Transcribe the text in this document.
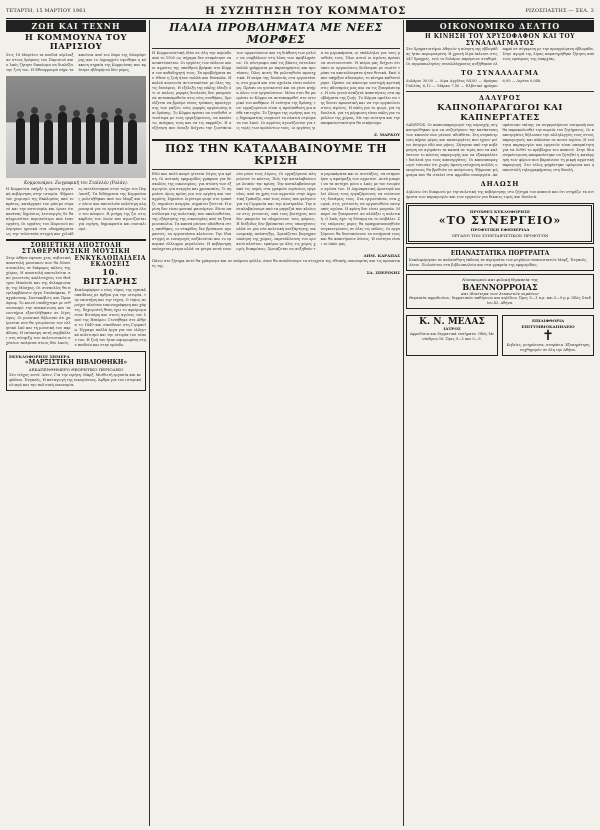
ΤΕΤΑΡΤΗ, 15 ΜΑΡΤΙΟΥ 1961	Η ΣΥΖΗΤΗΣΗ ΤΟΥ ΚΟΜΜΑΤΟΣ	ΡΙΖΟΣΠΑΣΤΗΣ — ΣΕΛ. 3
ΖΩΗ ΚΑΙ ΤΕΧΝΗ
Η ΚΟΜΜΟΥΝΑ ΤΟΥ ΠΑΡΙΣΙΟΥ
Στις 18 Μαρτίου τα παιδιά ούρλιαξαν στους δρόμους του Παρισιού και ο λαός ζήτησε δικαίωμα να διαλέξει την ζωή του. Η Εθνοφρουρά πήρε τα κανόνια από τον λόφο της Μονμάρτρης και το Δημαρχείο υψώθηκε η κόκκινη σημαία της Κομμούνας που κράτησε εβδομήντα δύο μέρες.
Κομμουνάροι: Ζωγραφική του Σταϊνλέν (Ρολάν).
Η Κομμούνα υπήρξε η πρώτη εργατική κυβέρνηση στην ιστορία. Ψήφισε τον χωρισμό της Εκκλησίας από το κράτος, κατάργησε τον μόνιμο στρατό και την αστυνομία και όρισε ότι κανένας δημόσιος λειτουργός δε θα πληρωνόταν περισσότερο από έναν εργάτη. Οι εργάτες του Παρισιού πολέμησαν ηρωικά στα οδοφράγματα ως την τελευταία στιγμή και χιλιάδες εκτελέστηκαν στον τοίχο του Περ Λασέζ. Τα διδάγματα της Κομμούνας μελετήθηκαν από τον Μαρξ και τον Λένιν και αποτελούν πολύτιμη κληρονομιά για το εργατικό κίνημα όλου του κόσμου. Η μνήμη της ζει στις καρδιές των λαών που αγωνίζονται για ειρήνη, δημοκρατία και σοσιαλισμό.
ΣΟΒΙΕΤΙΚΗ ΑΠΟΣΤΟΛΗ ΣΤΑΘΕΡΜΟΥΣΙΚΗ ΜΟΥΣΙΚΗ
Στην Αθήνα έφτασε χτες σοβιετική αποστολή μουσικών που θα δώσει συναυλίες σε διάφορες πόλεις της χώρας. Η αποστολή αποτελείται από γνωστούς καλλιτέχνες του Θεάτρου Μπολσόι και της Φιλαρμονικής της Μόσχας. Οι συναυλίες θα περιλαμβάνουν έργα Τσαϊκόφσκι, Ραχμάνινοφ, Σοστακόβιτς και Προκόφιεφ. Το κοινό υποδέχτηκε με ενθουσιασμό την ανακοίνωση και τα εισιτήρια εξαντλήθηκαν σε λίγες ώρες. Οι μουσικοί δήλωσαν ότι χαίρονται που θα γνωρίσουν τον ελληνικό λαό και τη μουσική του παράδοση. Η επίσκεψη αυτή συμβάλλει στη σύσφιξη των πολιτιστικών σχέσεων ανάμεσα στους δύο λαούς.
ΕΝΚΥΚΛΟΠΑΙΔΕΙΑ ΕΚΔΟΣΕΙΣ
10. ΒΙΤΣΑΡΗΣ
Κυκλοφόρησε ο νέος τόμος της εγκυκλοπαίδειας με άρθρα για την ιστορία, την επιστήμη και την τέχνη. Ο τόμος περιέχει πλούσια εικονογράφηση και χάρτες. Ξεχωριστή θέση έχει το αφιέρωμα στον Βιτσάρη και στους αγώνες του λαού της Ηπείρου. Γεννήθηκε στο Αθήνα το 1849 και σπούδασε στη Γερμανία. Έγραψε πολλά έργα για τον ελληνικό πολιτισμό και την ιστορία του τόπου του. Η ζωή του ήταν αφιερωμένη στην παιδεία και στην πρόοδο.
ΕΚΥΚΛΟΦΟΡΗΣΕ ΣΗΜΕΡΑ
«ΜΑΡΞΙΣΤΙΚΗ ΒΙΒΛΙΟΘΗΚΗ»
ΔΕΚΑΠΕΝΘΗΜΕΡΟ ΘΕΩΡΗΤΙΚΟ ΠΕΡΙΟΔΙΚΟ
Στο τεύχος αυτό: Λένιν, Για την ειρήνη. Μαρξ, Μισθωτή εργασία και κεφάλαιο. Ένγκελς, Η καταγωγή της οικογένειας. Άρθρα για τον ιστορικό υλισμό και την πολιτική οικονομία.
ΠΑΛΙΑ ΠΡΟΒΛΗΜΑΤΑ ΜΕ ΝΕΕΣ ΜΟΡΦΕΣ
Η Κομμουνιστική ιδέα σε όλη την περίοδο από το 1920 ως σήμερα δεν σταμάτησε να αναπτύσσεται. Οι εργάτες των πόλεων και οι αγρότες της υπαίθρου βρήκαν στο Κόμμα τον καθοδηγητή τους. Τα προβλήματα που έθεσε η ζωή ήταν πολλά και δύσκολα. Η παλιά κοινωνία αντιστεκόταν με όλες της τις δυνάμεις. Η εξέλιξη της πάλης έδειξε ότι οι παλιές μορφές δουλειάς δεν μπορούν να ανταποκριθούν στις νέες συνθήκες. Χρειάζεται να βρούμε νέους τρόπους προσέγγισης των μαζών, νέες μορφές οργάνωσης και δράσης. Το Κόμμα πρέπει να συνδεθεί στενότερα με τους εργαζόμενους, να ακούει τις ανάγκες τους και να τις εκφράζει. Η συζήτηση που άνοιξε δείχνει την ζωντάνια των οργανώσεων και τη διάθεση των μελών να συμβάλουν στη λύση των προβλημάτων. Οι σύντροφοι από τις βάσεις έστειλαν πολλά γράμματα με παρατηρήσεις και προτάσεις. Όλες αυτές θα μελετηθούν προσεχτικά. Η πείρα της δουλειάς στα εργοστάσια, στα χωριά και στα σχολεία είναι πολύτιμη. Πρέπει να γενικευτεί και να γίνει κτήμα όλων των οργανώσεων. Μόνο έτσι θα μπορέσει το Κόμμα να ανταποκριθεί στο ιστορικό του καθήκον. Η ενότητα της δράσης των εργαζομένων είναι η προϋπόθεση για κάθε επιτυχία. Το ζήτημα της ειρήνης και της δημοκρατίας συγκινεί τα πλατιά στρώματα του λαού. Οι αγρότες αγωνίζονται για τις τιμές των προϊόντων τους, οι εργάτες για τα μεροκάματα, οι υπάλληλοι για τους μισθούς τους. Όλοι αυτοί οι αγώνες πρέπει να συντονιστούν. Η πείρα μας δείχνει ότι όπου οι οργανώσεις δούλεψαν με σωστό τρόπο τα αποτελέσματα ήταν θετικά. Εκεί όπου υπήρξαν αδυναμίες το κίνημα καθυστέρησε. Πρέπει να κάνουμε αυστηρή κριτική στις αδυναμίες μας και να τις ξεπεράσουμε. Η νέα γενιά αναζητά απαντήσεις στα προβλήματα της ζωής. Το Κόμμα οφείλει να της δώσει προοπτική και να την οργανώσει στους αγώνες. Η πάλη για το ψωμί, για τη δουλειά, για τη μόρφωση είναι πάλη για το μέλλον της χώρας. Με την ενότητα και την αποφασιστικότητα θα νικήσουμε.
Ζ. ΜΑΡΚΟΥ
ΠΩΣ ΤΗΝ ΚΑΤΑΛΑΒΑΙΝΟΥΜΕ ΤΗ ΚΡΙΣΗ
Εδώ και πολύ καιρό γίνεται λόγος για κρίση. Οι αστικές εφημερίδες γράφουν για δυσκολίες της οικονομίας, για πτώση των εξαγωγών, για ανεργία και χρεοκοπίες. Τι σημαίνει όμως κρίση για τον εργάτη και τον αγρότη; Σημαίνει λιγότερο ψωμί στο τραπέζι, σημαίνει ανεργία, σημαίνει ξενιτιά. Η κρίση δεν είναι φυσικό φαινόμενο. Είναι αποτέλεσμα της πολιτικής που ακολουθείται, της εξάρτησης της οικονομίας από τα ξένα μονοπώλια. Τα καπνά μένουν αδιάθετα στις αποθήκες, οι σταφίδες δεν βρίσκουν αγοραστές, τα εργοστάσια κλείνουν. Την ίδια στιγμή οι εισαγωγές αυξάνονται και το εμπορικό έλλειμμα μεγαλώνει. Η κυβέρνηση υπόσχεται μέτρα αλλά τα μέτρα αυτά ευνοούν μόνο τους λίγους. Οι εργαζόμενοι πληρώνουν το κόστος. Πώς την καταλαβαίνουμε λοιπόν την κρίση; Την καταλαβαίνουμε από τις ουρές στα γραφεία ευρέσεως εργασίας, από τα χρέη των αγροτών στην Αγροτική Τράπεζα, από τους νέους που φεύγουν για τη Γερμανία και την Αυστραλία. Την καταλαβαίνουμε από τα μαγαζιά που κλείνουν στις γειτονιές, από τους βιοτέχνες που δεν μπορούν να πληρώσουν τους φόρους. Η διέξοδος δεν βρίσκεται στις υποσχέσεις αλλά σε μια νέα πολιτική ανεξάρτητης οικονομικής ανάπτυξης. Χρειάζεται βιομηχανοποίηση της χώρας, εκμετάλλευση του ορυκτού πλούτου, εμπόριο με όλες τις χώρες χωρίς διακρίσεις. Χρειάζεται να αυξηθούν τα μεροκάματα και οι συντάξεις, να σταματήσει η αφαίμαξη των αγροτών. Αυτά μπορεί να τα πετύχει μόνο ο λαός με τον ενωμένο αγώνα του. Η Δημοκρατική Αριστερά καλεί όλους τους εργαζόμενους να ενώσουν τις δυνάμεις τους. Στα εργοστάσια, στα χωριά, στις γειτονιές να οργανωθούν επιτροπές αγώνα. Η κρίση δεν είναι μοιραία. Μπορεί να ξεπεραστεί αν αλλάξει η πολιτική. Ο λαός έχει τη δύναμη να το επιβάλει. Στις επόμενες μέρες θα πραγματοποιηθούν συγκεντρώσεις σε όλες τις πόλεις. Οι εργαζόμενοι θα διατυπώσουν τα αιτήματά τους και θα απαιτήσουν λύσεις. Η ενότητα είναι το όπλο μας.
ΔΗΜ. ΚΑΡΑΠΑΣ
Πάνω στο ζήτημα αυτό θα γράψουμε και σε επόμενο φύλλο, όπου θα αναλύσουμε τα στοιχεία της εθνικής οικονομίας και τις προοπτικές της.
ΣΑ. ΣΠΕΡΙΝΗΣ
ΟΙΚΟΝΟΜΙΚΟ ΔΕΛΤΙΟ
Η ΚΙΝΗΣΗ ΤΟΥ ΧΡΥΣΟΦΑΦΟΝ ΚΑΙ ΤΟΥ ΣΥΝΑΛΛΑΓΜΑΤΟΣ
Στο Χρηματιστήριο Αθηνών η κίνηση της εβδομάδας ήταν περιορισμένη. Η χρυσή λίρα έκλεισε στις 247 δραχμές, ενώ το δολάριο παρέμεινε σταθερό. Οι αγοραπωλησίες συναλλάγματος αυξήθηκαν ελαφρά σε σύγκριση με την προηγούμενη εβδομάδα. Στην αγορά της λίρας παρατηρήθηκε ζήτηση από τους εμπόρους της επαρχίας.
ΤΟ ΣΥΝΑΛΛΑΓΜΑ
Δολάριο 30,00 — Λίρα Αγγλίας 84,00 — Φράγκο Γαλλίας 6,12 — Μάρκο 7,50 — Ελβετικό φράγκο 6,95 — Λιρέτα 0,048.
ΔΑΛΥΡΟΣ
ΚΑΠΝΟΠΑΡΑΓΩΓΟΙ ΚΑΙ ΚΑΠΝΕΡΓΑΤΕΣ
ΛΑΜΥΡΟΣ. Οι καπνοπαραγωγοί της περιοχής συγκεντρώθηκαν για να συζητήσουν την κατάσταση των καπνών που μένουν αδιάθετα. Στη συγκέντρωση πήραν μέρος και καπνεργάτες που έχουν μείνει άνεργοι εδώ και μήνες. Ζήτησαν από την κυβέρνηση να αγοράσει τα καπνά σε τιμές που να καλύπτουν το κόστος παραγωγής και να εξασφαλίσει δουλειά για τους καπνεργάτες. Οι καπνοπαραγωγοί τόνισαν ότι χωρίς άμεση ενίσχυση πολλές οικογένειες θα βρεθούν σε απόγνωση. Ψήφισαν ψήφισμα που θα σταλεί στα αρμόδια υπουργεία. Αποφάσισαν επίσης να συγκροτήσουν επιτροπή που θα παρακολουθεί την πορεία του ζητήματος. Οι καπνεργάτες δήλωσαν την αλληλεγγύη τους στους παραγωγούς και κάλεσαν σε κοινό αγώνα. Η ενότητα παραγωγών και εργατών είναι απαραίτητη για να λυθεί το πρόβλημα του καπνού. Στην ίδια συγκέντρωση αποφασίστηκε να ζητηθεί η κατάργηση των φόρων που βαραίνουν τη μικρή αγροτική παραγωγή. Στο τέλος ψηφίστηκε ομόφωνα και η αποστολή τηλεγραφήματος στη Βουλή.
ΔΗΛΩΣΗ
Δηλώνω ότι διαφωνώ με την πολιτική της κυβέρνησης στο ζήτημα του καπνού και ότι στηρίζω τα αιτήματα των παραγωγών και των εργατών για δίκαιες τιμές και δουλειά.
ΠΡΟΧΘΕΣ ΚΥΚΛΟΦΟΡΗΣΕ
«ΤΟ ΣΥΝΕΡΓΕΙΟ»
ΠΡΟΦΥΓΙΚΗ ΕΦΗΜΕΡΙΔΑ
ΟΡΓΑΝΟ ΤΩΝ ΣΥΝΕΤΑΙΡΙΣΤΙΚΩΝ ΠΡΟΦΥΓΩΝ
ΕΠΑΝΑΣΤΑΤΙΚΑ ΠΟΡΤΡΑΙΤΑ
Κυκλοφόρησαν σε καλαίσθητη έκδοση τα πορτραίτα των μεγάλων επαναστατών Μαρξ, Ένγκελς, Λένιν. Πωλούνται στα βιβλιοπωλεία και στα γραφεία της εφημερίδας.
Νοσοκομείο και φιλική θεραπεία της
ΒΛΕΝΝΟΡΡΟΙΑΣ
και ιδιαίτερα των λευκωτών αιμάτων
Θεραπεία αφροδισίων, δερματικών παθήσεων και κηλίδων. Ώρες 9—1 π.μ. και 5—9 μ.μ. Οδός Σταδίου 42, Αθήνα.
Κ. Ν. ΜΕΛΑΣ
ΙΑΤΡΟΣ
Αφροδίσια και δερματικά νοσήματα. Οδός Μενάνδρου 16. Ώρες 9—1 και 5—9.
ΕΠΙΔΙΦΘΟΡΙΑ ΕΠΙΤΥΜΒΙΟΚΑΠΗΛΕΙΟ
✝
Κηδείες, μνημόσυνα, στεφάνια. Εξυπηρέτηση νυχθημερόν σε όλη την Αθήνα.
